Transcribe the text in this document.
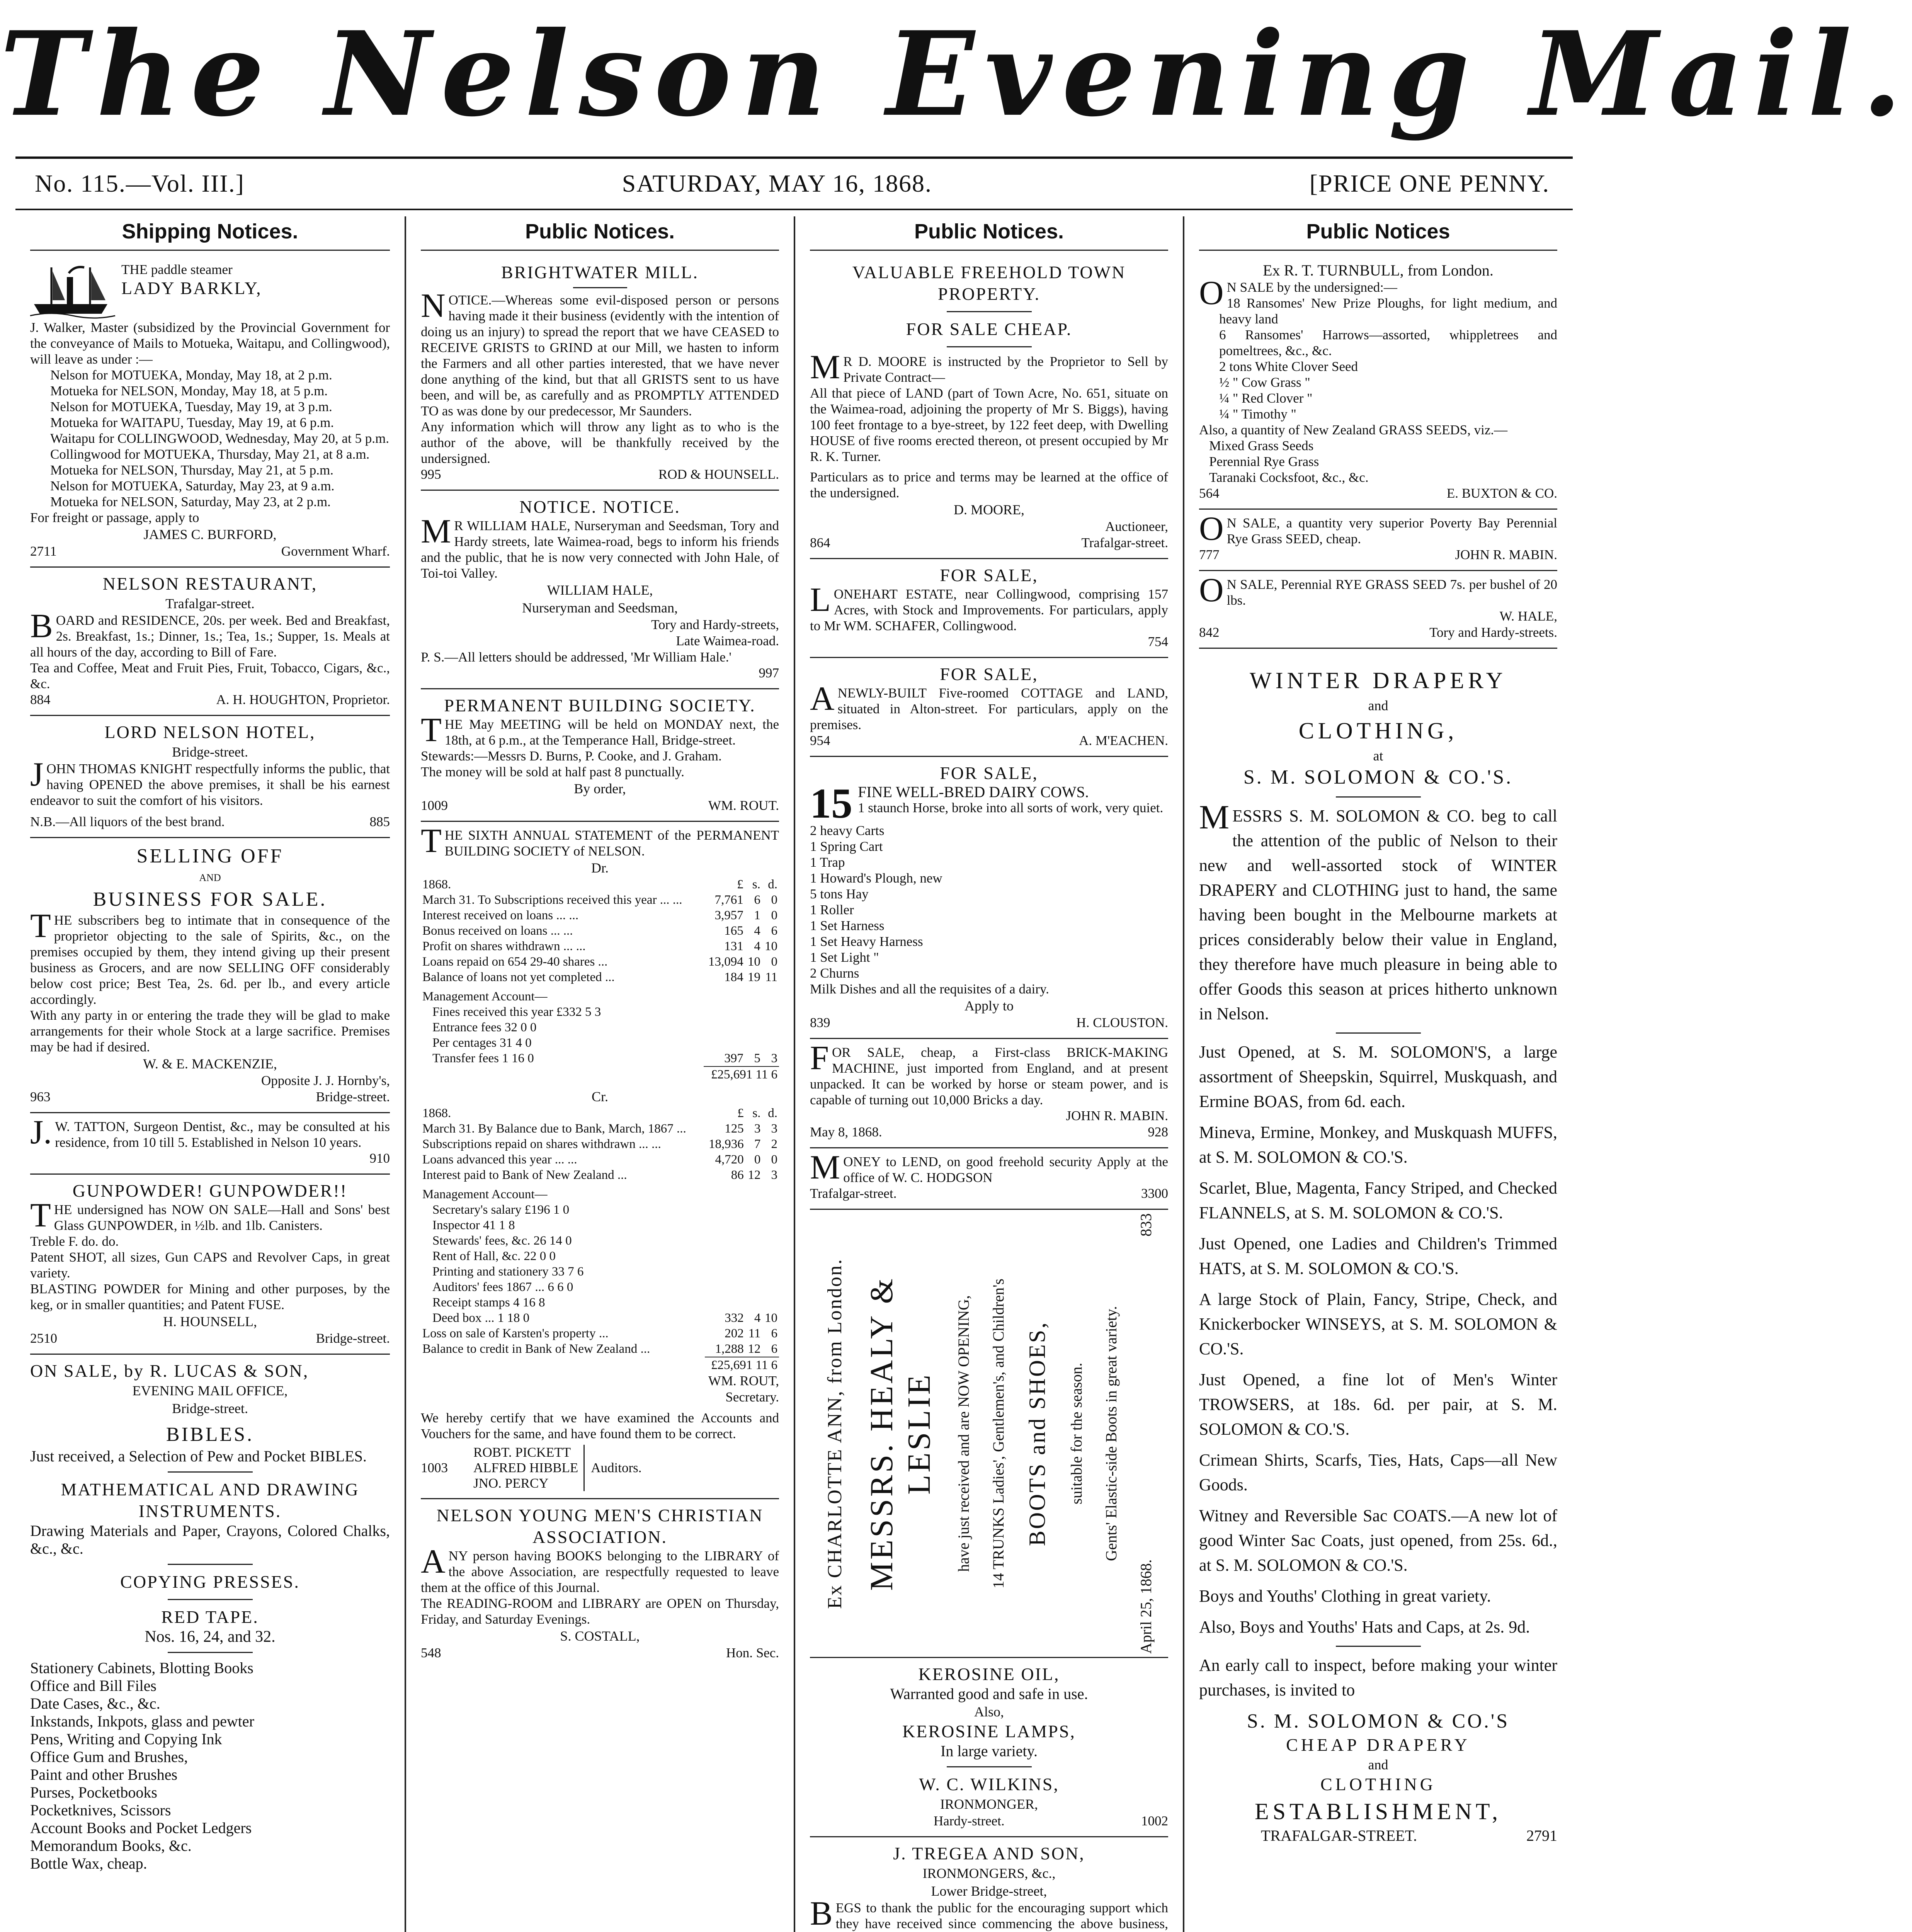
The Nelson Evening Mail.
No. 115.—Vol. III.]	SATURDAY, MAY 16, 1868.	[PRICE ONE PENNY.
Shipping Notices.
THE paddle steamer
LADY BARKLY,
J. Walker, Master (subsidized by the Provincial Government for the conveyance of Mails to Motueka, Waitapu, and Collingwood), will leave as under :—
Nelson for MOTUEKA, Monday, May 18, at 2 p.m.
Motueka for NELSON, Monday, May 18, at 5 p.m.
Nelson for MOTUEKA, Tuesday, May 19, at 3 p.m.
Motueka for WAITAPU, Tuesday, May 19, at 6 p.m.
Waitapu for COLLINGWOOD, Wednesday, May 20, at 5 p.m.
Collingwood for MOTUEKA, Thursday, May 21, at 8 a.m.
Motueka for NELSON, Thursday, May 21, at 5 p.m.
Nelson for MOTUEKA, Saturday, May 23, at 9 a.m.
Motueka for NELSON, Saturday, May 23, at 2 p.m.
For freight or passage, apply to
JAMES C. BURFORD,
2711	Government Wharf.
NELSON RESTAURANT,
Trafalgar-street.
BOARD and RESIDENCE, 20s. per week. Bed and Breakfast, 2s. Breakfast, 1s.; Dinner, 1s.; Tea, 1s.; Supper, 1s. Meals at all hours of the day, according to Bill of Fare.
Tea and Coffee, Meat and Fruit Pies, Fruit, Tobacco, Cigars, &c., &c.
884	A. H. HOUGHTON, Proprietor.
LORD NELSON HOTEL,
Bridge-street.
JOHN THOMAS KNIGHT respectfully informs the public, that having OPENED the above premises, it shall be his earnest endeavor to suit the comfort of his visitors.
N.B.—All liquors of the best brand.	885
SELLING OFF
AND
BUSINESS FOR SALE.
THE subscribers beg to intimate that in consequence of the proprietor objecting to the sale of Spirits, &c., on the premises occupied by them, they intend giving up their present business as Grocers, and are now SELLING OFF considerably below cost price; Best Tea, 2s. 6d. per lb., and every article accordingly.
With any party in or entering the trade they will be glad to make arrangements for their whole Stock at a large sacrifice. Premises may be had if desired.
W. & E. MACKENZIE,
Opposite J. J. Hornby's,
963	Bridge-street.
J.W. TATTON, Surgeon Dentist, &c., may be consulted at his residence, from 10 till 5. Established in Nelson 10 years.
910
GUNPOWDER! GUNPOWDER!!
THE undersigned has NOW ON SALE—Hall and Sons' best Glass GUNPOWDER, in ½lb. and 1lb. Canisters.
Treble F. do. do.
Patent SHOT, all sizes, Gun CAPS and Revolver Caps, in great variety.
BLASTING POWDER for Mining and other purposes, by the keg, or in smaller quantities; and Patent FUSE.
H. HOUNSELL,
2510	Bridge-street.
ON SALE, by R. LUCAS & SON,
EVENING MAIL OFFICE,
Bridge-street.
BIBLES.
Just received, a Selection of Pew and Pocket BIBLES.
MATHEMATICAL AND DRAWING INSTRUMENTS.
Drawing Materials and Paper, Crayons, Colored Chalks, &c., &c.
COPYING PRESSES.
RED TAPE.
Nos. 16, 24, and 32.
Stationery Cabinets, Blotting Books
Office and Bill Files
Date Cases, &c., &c.
Inkstands, Inkpots, glass and pewter
Pens, Writing and Copying Ink
Office Gum and Brushes,
Paint and other Brushes
Purses, Pocketbooks
Pocketknives, Scissors
Account Books and Pocket Ledgers
Memorandum Books, &c.
Bottle Wax, cheap.
Public Notices.
BRIGHTWATER MILL.
NOTICE.—Whereas some evil-disposed person or persons having made it their business (evidently with the intention of doing us an injury) to spread the report that we have CEASED to RECEIVE GRISTS to GRIND at our Mill, we hasten to inform the Farmers and all other parties interested, that we have never done anything of the kind, but that all GRISTS sent to us have been, and will be, as carefully and as PROMPTLY ATTENDED TO as was done by our predecessor, Mr Saunders.
Any information which will throw any light as to who is the author of the above, will be thankfully received by the undersigned.
995	ROD & HOUNSELL.
NOTICE. NOTICE.
MR WILLIAM HALE, Nurseryman and Seedsman, Tory and Hardy streets, late Waimea-road, begs to inform his friends and the public, that he is now very connected with John Hale, of Toi-toi Valley.
WILLIAM HALE,
Nurseryman and Seedsman,
Tory and Hardy-streets,
Late Waimea-road.
P. S.—All letters should be addressed, 'Mr William Hale.'
997
PERMANENT BUILDING SOCIETY.
THE May MEETING will be held on MONDAY next, the 18th, at 6 p.m., at the Temperance Hall, Bridge-street.
Stewards:—Messrs D. Burns, P. Cooke, and J. Graham.
The money will be sold at half past 8 punctually.
By order,
1009	WM. ROUT.
THE SIXTH ANNUAL STATEMENT of the PERMANENT BUILDING SOCIETY of NELSON.
Dr.
1868.	£	s.	d.
March 31. To Subscriptions received this year ... ...	7,761	6	0
Interest received on loans ... ...	3,957	1	0
Bonus received on loans ... ...	165	4	6
Profit on shares withdrawn ... ...	131	4	10
Loans repaid on 654 29-40 shares ...	13,094	10	0
Balance of loans not yet completed ...	184	19	11
Management Account—			
Fines received this year £332 5 3			
Entrance fees 32 0 0			
Per centages 31 4 0			
Transfer fees 1 16 0	397	5	3
	£25,691 11 6		
Cr.
1868.	£	s.	d.
March 31. By Balance due to Bank, March, 1867 ...	125	3	3
Subscriptions repaid on shares withdrawn ... ...	18,936	7	2
Loans advanced this year ... ...	4,720	0	0
Interest paid to Bank of New Zealand ...	86	12	3
Management Account—			
Secretary's salary £196 1 0			
Inspector 41 1 8			
Stewards' fees, &c. 26 14 0			
Rent of Hall, &c. 22 0 0			
Printing and stationery 33 7 6			
Auditors' fees 1867 ... 6 6 0			
Receipt stamps 4 16 8			
Deed box ... 1 18 0	332	4	10
Loss on sale of Karsten's property ...	202	11	6
Balance to credit in Bank of New Zealand ...	1,288	12	6
	£25,691 11 6		
WM. ROUT,
Secretary.
We hereby certify that we have examined the Accounts and Vouchers for the same, and have found them to be correct.
1003
ROBT. PICKETT
ALFRED HIBBLE
JNO. PERCY
Auditors.
NELSON YOUNG MEN'S CHRISTIAN ASSOCIATION.
ANY person having BOOKS belonging to the LIBRARY of the above Association, are respectfully requested to leave them at the office of this Journal.
The READING-ROOM and LIBRARY are OPEN on Thursday, Friday, and Saturday Evenings.
S. COSTALL,
548	Hon. Sec.
Public Notices.
VALUABLE FREEHOLD TOWN PROPERTY.
FOR SALE CHEAP.
MR D. MOORE is instructed by the Proprietor to Sell by Private Contract—
All that piece of LAND (part of Town Acre, No. 651, situate on the Waimea-road, adjoining the property of Mr S. Biggs), having 100 feet frontage to a bye-street, by 122 feet deep, with Dwelling HOUSE of five rooms erected thereon, ot present occupied by Mr R. K. Turner.
Particulars as to price and terms may be learned at the office of the undersigned.
D. MOORE,
Auctioneer,
864	Trafalgar-street.
FOR SALE,
LONEHART ESTATE, near Collingwood, comprising 157 Acres, with Stock and Improvements. For particulars, apply to Mr WM. SCHAFER, Collingwood.
754
FOR SALE,
ANEWLY-BUILT Five-roomed COTTAGE and LAND, situated in Alton-street. For particulars, apply on the premises.
954	A. M'EACHEN.
FOR SALE,
15 FINE WELL-BRED DAIRY COWS.
1 staunch Horse, broke into all sorts of work, very quiet.
2 heavy Carts
1 Spring Cart
1 Trap
1 Howard's Plough, new
5 tons Hay
1 Roller
1 Set Harness
1 Set Heavy Harness
1 Set Light "
2 Churns
Milk Dishes and all the requisites of a dairy.
Apply to
839	H. CLOUSTON.
FOR SALE, cheap, a First-class BRICK-MAKING MACHINE, just imported from England, and at present unpacked. It can be worked by horse or steam power, and is capable of turning out 10,000 Bricks a day.
JOHN R. MABIN.
May 8, 1868.	928
MONEY to LEND, on good freehold security Apply at the office of W. C. HODGSON
Trafalgar-street.	3300
Ex CHARLOTTE ANN, from London. MESSRS. HEALY & LESLIE have just received and are NOW OPENING, 14 TRUNKS Ladies', Gentlemen's, and Children's BOOTS and SHOES, suitable for the season. Gents' Elastic-side Boots in great variety.
April 25, 1868.
833
KEROSINE OIL,
Warranted good and safe in use.
Also,
KEROSINE LAMPS,
In large variety.
W. C. WILKINS,
IRONMONGER,
Hardy-street.	1002
J. TREGEA AND SON,
IRONMONGERS, &c.,
Lower Bridge-street,
BEGS to thank the public for the encouraging support which they have received since commencing the above business,
Public Notices
Ex R. T. TURNBULL, from London.
ON SALE by the undersigned:—
18 Ransomes' New Prize Ploughs, for light medium, and heavy land
6 Ransomes' Harrows—assorted, whippletrees and pomeltrees, &c., &c.
2 tons White Clover Seed
½ " Cow Grass "
¼ " Red Clover "
¼ " Timothy "
Also, a quantity of New Zealand GRASS SEEDS, viz.—
Mixed Grass Seeds
Perennial Rye Grass
Taranaki Cocksfoot, &c., &c.
564	E. BUXTON & CO.
ON SALE, a quantity very superior Poverty Bay Perennial Rye Grass SEED, cheap.
777	JOHN R. MABIN.
ON SALE, Perennial RYE GRASS SEED 7s. per bushel of 20 lbs.
W. HALE,
842	Tory and Hardy-streets.
WINTER DRAPERY
and
CLOTHING,
at
S. M. SOLOMON & CO.'S.
MESSRS S. M. SOLOMON & CO. beg to call the attention of the public of Nelson to their new and well-assorted stock of WINTER DRAPERY and CLOTHING just to hand, the same having been bought in the Melbourne markets at prices considerably below their value in England, they therefore have much pleasure in being able to offer Goods this season at prices hitherto unknown in Nelson.
Just Opened, at S. M. SOLOMON'S, a large assortment of Sheepskin, Squirrel, Muskquash, and Ermine BOAS, from 6d. each.
Mineva, Ermine, Monkey, and Muskquash MUFFS, at S. M. SOLOMON & CO.'S.
Scarlet, Blue, Magenta, Fancy Striped, and Checked FLANNELS, at S. M. SOLOMON & CO.'S.
Just Opened, one Ladies and Children's Trimmed HATS, at S. M. SOLOMON & CO.'S.
A large Stock of Plain, Fancy, Stripe, Check, and Knickerbocker WINSEYS, at S. M. SOLOMON & CO.'S.
Just Opened, a fine lot of Men's Winter TROWSERS, at 18s. 6d. per pair, at S. M. SOLOMON & CO.'S.
Crimean Shirts, Scarfs, Ties, Hats, Caps—all New Goods.
Witney and Reversible Sac COATS.—A new lot of good Winter Sac Coats, just opened, from 25s. 6d., at S. M. SOLOMON & CO.'S.
Boys and Youths' Clothing in great variety.
Also, Boys and Youths' Hats and Caps, at 2s. 9d.
An early call to inspect, before making your winter purchases, is invited to
S. M. SOLOMON & CO.'S
CHEAP DRAPERY
and
CLOTHING
ESTABLISHMENT,
TRAFALGAR-STREET.	2791
